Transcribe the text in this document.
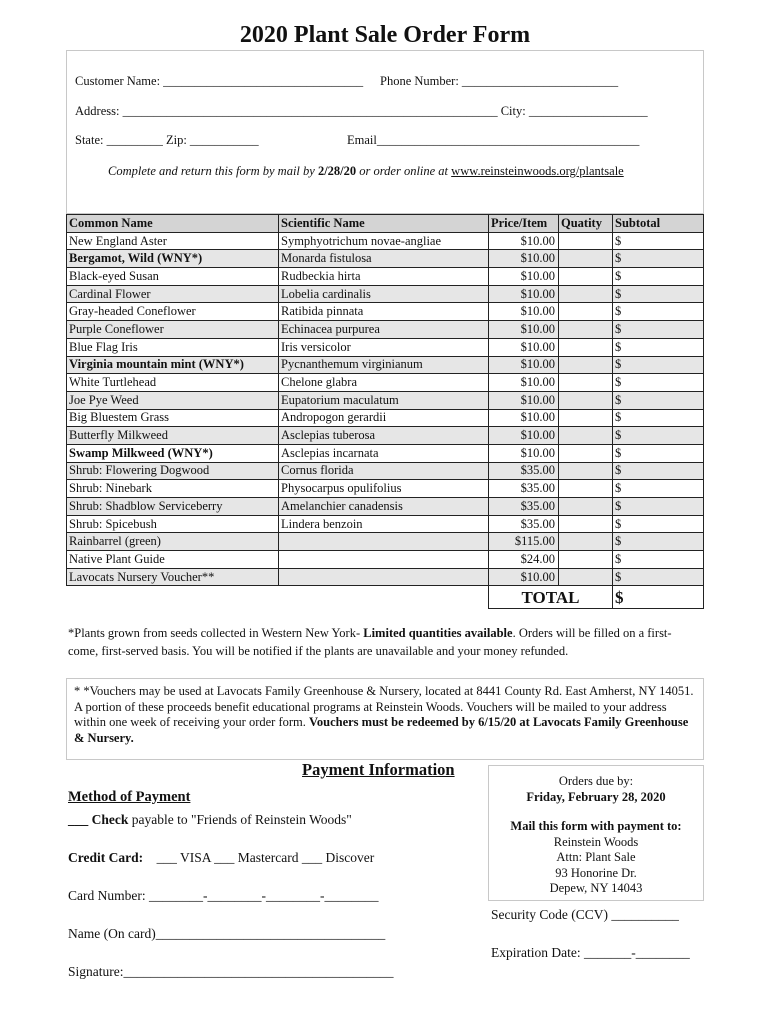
2020 Plant Sale Order Form
Customer Name: ________________________________ Phone Number: _________________________
Address: ____________________________________________________________ City: ___________________
State: _________ Zip: ___________	Email__________________________________________
Complete and return this form by mail by 2/28/20 or order online at www.reinsteinwoods.org/plantsale
Common Name	Scientific Name	Price/Item	Quatity	Subtotal
New England Aster	Symphyotrichum novae-angliae	$10.00		$
Bergamot, Wild (WNY*)	Monarda fistulosa	$10.00		$
Black-eyed Susan	Rudbeckia hirta	$10.00		$
Cardinal Flower	Lobelia cardinalis	$10.00		$
Gray-headed Coneflower	Ratibida pinnata	$10.00		$
Purple Coneflower	Echinacea purpurea	$10.00		$
Blue Flag Iris	Iris versicolor	$10.00		$
Virginia mountain mint (WNY*)	Pycnanthemum virginianum	$10.00		$
White Turtlehead	Chelone glabra	$10.00		$
Joe Pye Weed	Eupatorium maculatum	$10.00		$
Big Bluestem Grass	Andropogon gerardii	$10.00		$
Butterfly Milkweed	Asclepias tuberosa	$10.00		$
Swamp Milkweed (WNY*)	Asclepias incarnata	$10.00		$
Shrub: Flowering Dogwood	Cornus florida	$35.00		$
Shrub: Ninebark	Physocarpus opulifolius	$35.00		$
Shrub: Shadblow Serviceberry	Amelanchier canadensis	$35.00		$
Shrub: Spicebush	Lindera benzoin	$35.00		$
Rainbarrel (green)		$115.00		$
Native Plant Guide		$24.00		$
Lavocats Nursery Voucher**		$10.00		$
		TOTAL		$
*Plants grown from seeds collected in Western New York- Limited quantities available. Orders will be filled on a first-come, first-served basis. You will be notified if the plants are unavailable and your money refunded.
* *Vouchers may be used at Lavocats Family Greenhouse & Nursery, located at 8441 County Rd. East Amherst, NY 14051. A portion of these proceeds benefit educational programs at Reinstein Woods. Vouchers will be mailed to your address within one week of receiving your order form. Vouchers must be redeemed by 6/15/20 at Lavocats Family Greenhouse & Nursery.
Payment Information
Method of Payment
___ Check payable to "Friends of Reinstein Woods"
Credit Card: ___ VISA ___ Mastercard ___ Discover
Card Number: ________-________-________-________
Name (On card)__________________________________
Signature:________________________________________
Orders due by:
Friday, February 28, 2020
Mail this form with payment to:
Reinstein Woods
Attn: Plant Sale
93 Honorine Dr.
Depew, NY 14043
Security Code (CCV) __________
Expiration Date: _______-________
